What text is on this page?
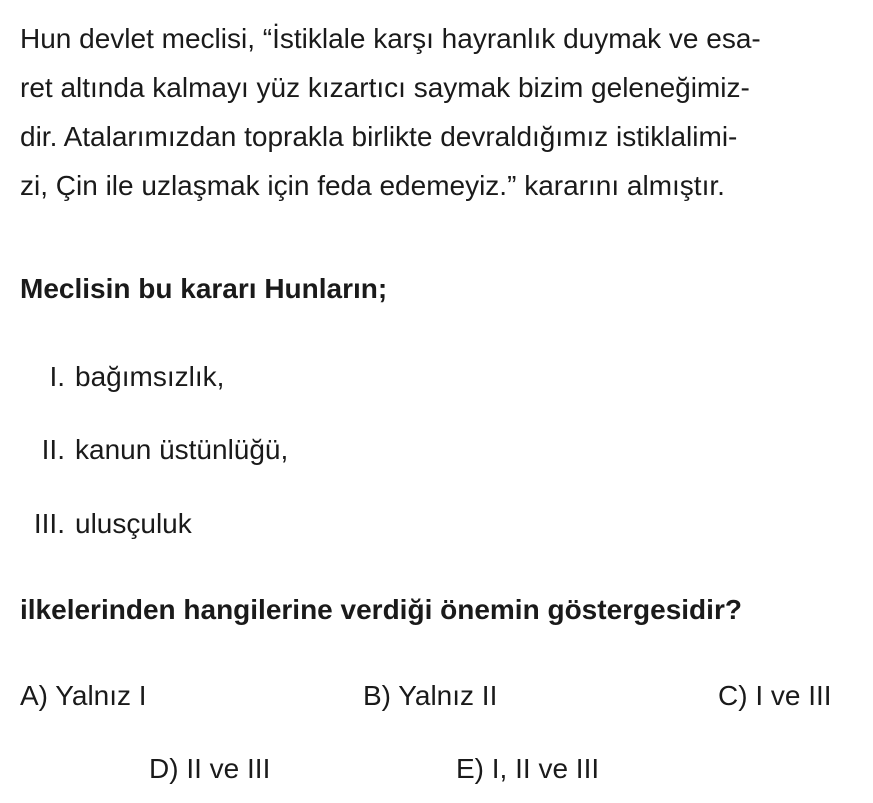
Hun devlet meclisi, “İstiklale karşı hayranlık duymak ve esa-
ret altında kalmayı yüz kızartıcı saymak bizim geleneğimiz-
dir. Atalarımızdan toprakla birlikte devraldığımız istiklalimi-
zi, Çin ile uzlaşmak için feda edemeyiz.” kararını almıştır.

Meclisin bu kararı Hunların;

I. bağımsızlık,
II. kanun üstünlüğü,
III. ulusçuluk

ilkelerinden hangilerine verdiği önemin göstergesidir?

A) Yalnız I	B) Yalnız II	C) I ve III
D) II ve III	E) I, II ve III
